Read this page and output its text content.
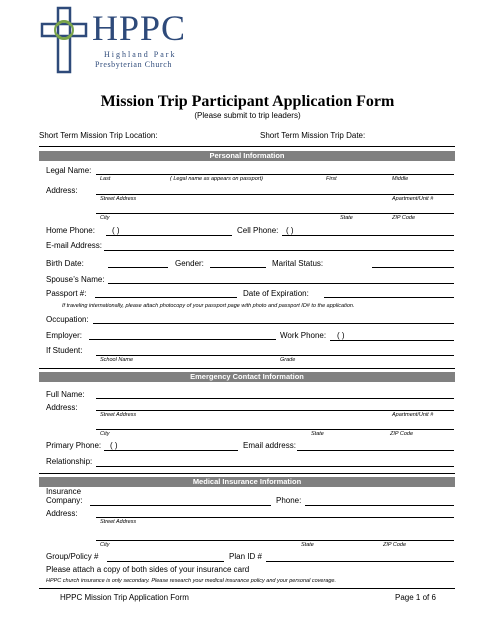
HPPC
Highland Park
Presbyterian Church
Mission Trip Participant Application Form
(Please submit to trip leaders)
Short Term Mission Trip Location:	Short Term Mission Trip Date:
Personal Information
Legal Name:
Last	( Legal name as appears on passport)	First	Middle
Address:
Street Address	Apartment/Unit #
City	State	ZIP Code
Home Phone: ( )	Cell Phone: ( )
E-mail Address:
Birth Date:	Gender:	Marital Status:
Spouse’s Name:
Passport #:	Date of Expiration:
If traveling internationally, please attach photocopy of your passport page with photo and passport ID# to the application.
Occupation:
Employer:	Work Phone: ( )
If Student:
School Name	Grade
Emergency Contact Information
Full Name:
Address:
Street Address	Apartment/Unit #
City	State	ZIP Code
Primary Phone: ( )	Email address:
Relationship:
Medical Insurance Information
Insurance
Company:	Phone:
Address:
Street Address
City	State	ZIP Code
Group/Policy #	Plan ID #
Please attach a copy of both sides of your insurance card
HPPC church insurance is only secondary. Please research your medical insurance policy and your personal coverage.
HPPC Mission Trip Application Form	Page 1 of 6
